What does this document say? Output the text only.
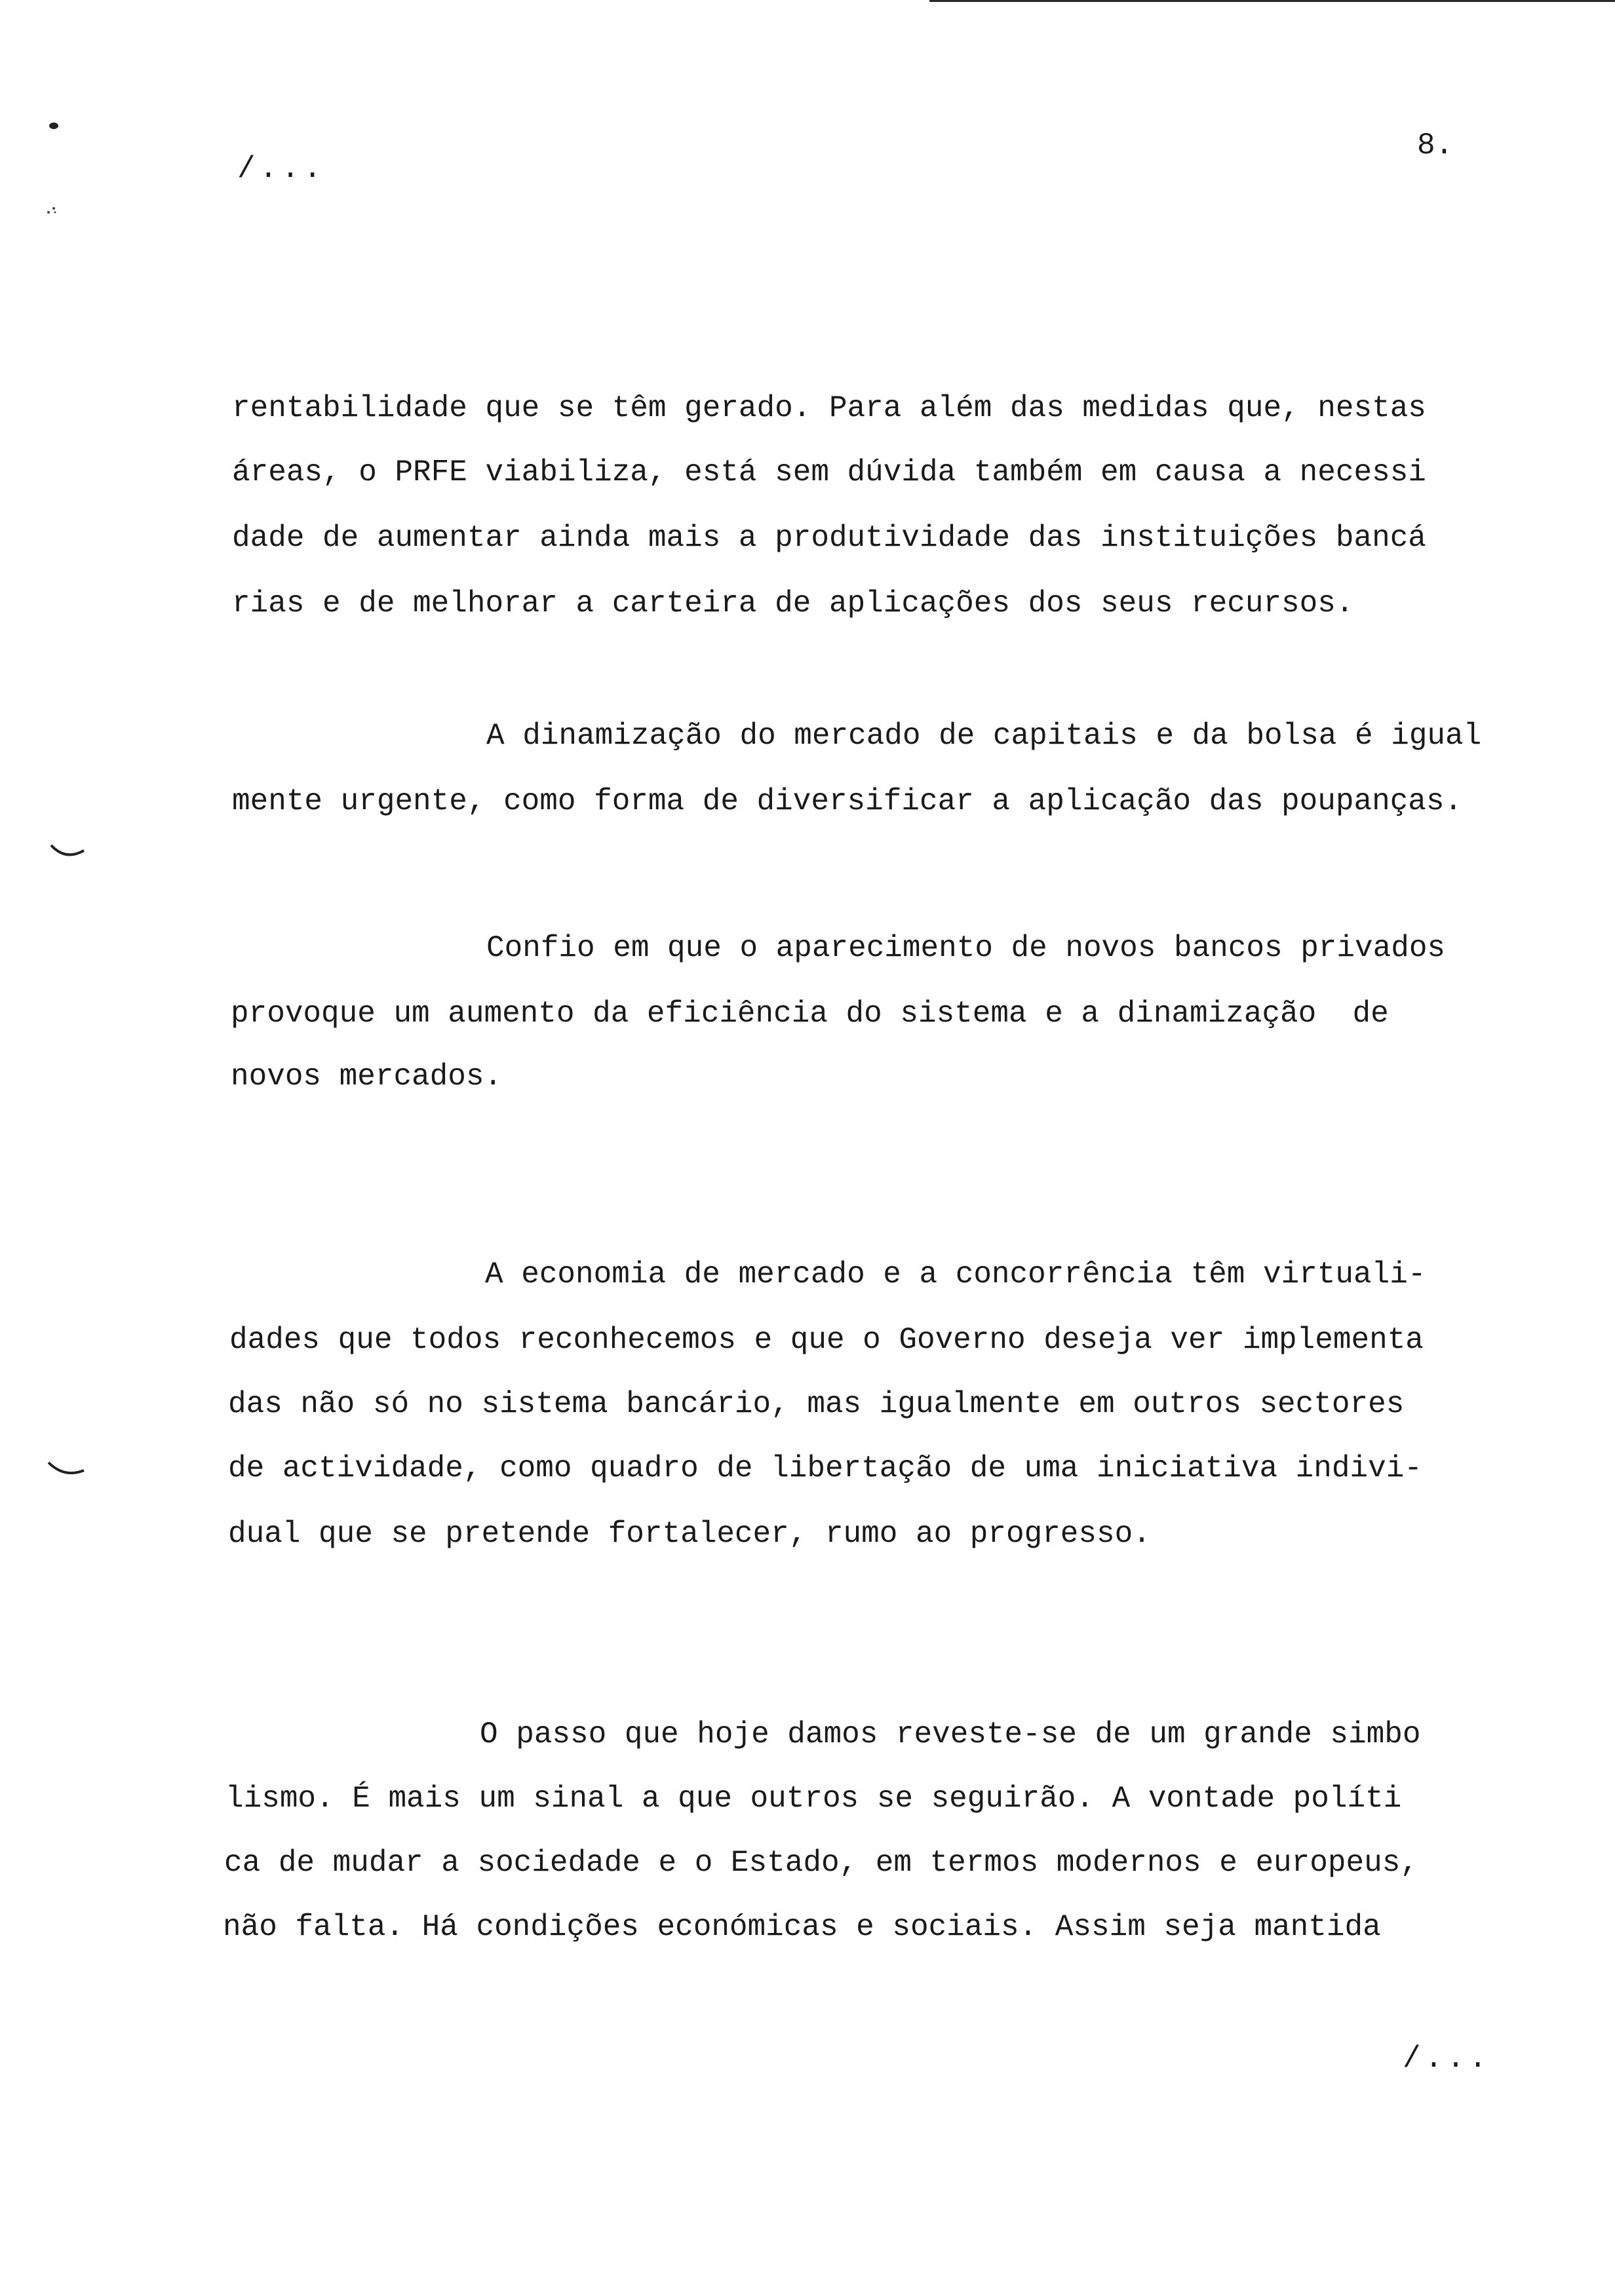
/...
8.
rentabilidade que se têm gerado. Para além das medidas que, nestas
áreas, o PRFE viabiliza, está sem dúvida também em causa a necessi
dade de aumentar ainda mais a produtividade das instituições bancá
rias e de melhorar a carteira de aplicações dos seus recursos.
A dinamização do mercado de capitais e da bolsa é igual
mente urgente, como forma de diversificar a aplicação das poupanças.
Confio em que o aparecimento de novos bancos privados
provoque um aumento da eficiência do sistema e a dinamização  de
novos mercados.
A economia de mercado e a concorrência têm virtuali-
dades que todos reconhecemos e que o Governo deseja ver implementa
das não só no sistema bancário, mas igualmente em outros sectores
de actividade, como quadro de libertação de uma iniciativa indivi-
dual que se pretende fortalecer, rumo ao progresso.
O passo que hoje damos reveste-se de um grande simbo
lismo. É mais um sinal a que outros se seguirão. A vontade políti
ca de mudar a sociedade e o Estado, em termos modernos e europeus,
não falta. Há condições económicas e sociais. Assim seja mantida
/...
